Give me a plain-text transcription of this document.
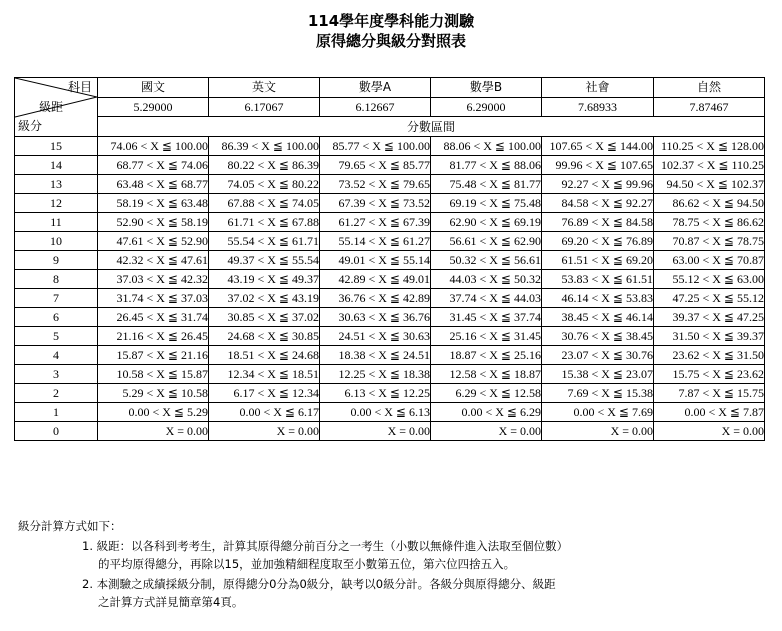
114學年度學科能力測驗
原得總分與級分對照表
科目
級距
級分	國文	英文	數學A	數學B	社會	自然
	5.29000	6.17067	6.12667	6.29000	7.68933	7.87467
	分數區間					
15	74.06 < X ≦ 100.00	86.39 < X ≦ 100.00	85.77 < X ≦ 100.00	88.06 < X ≦ 100.00	107.65 < X ≦ 144.00	110.25 < X ≦ 128.00
14	68.77 < X ≦ 74.06	80.22 < X ≦ 86.39	79.65 < X ≦ 85.77	81.77 < X ≦ 88.06	99.96 < X ≦ 107.65	102.37 < X ≦ 110.25
13	63.48 < X ≦ 68.77	74.05 < X ≦ 80.22	73.52 < X ≦ 79.65	75.48 < X ≦ 81.77	92.27 < X ≦ 99.96	94.50 < X ≦ 102.37
12	58.19 < X ≦ 63.48	67.88 < X ≦ 74.05	67.39 < X ≦ 73.52	69.19 < X ≦ 75.48	84.58 < X ≦ 92.27	86.62 < X ≦ 94.50
11	52.90 < X ≦ 58.19	61.71 < X ≦ 67.88	61.27 < X ≦ 67.39	62.90 < X ≦ 69.19	76.89 < X ≦ 84.58	78.75 < X ≦ 86.62
10	47.61 < X ≦ 52.90	55.54 < X ≦ 61.71	55.14 < X ≦ 61.27	56.61 < X ≦ 62.90	69.20 < X ≦ 76.89	70.87 < X ≦ 78.75
9	42.32 < X ≦ 47.61	49.37 < X ≦ 55.54	49.01 < X ≦ 55.14	50.32 < X ≦ 56.61	61.51 < X ≦ 69.20	63.00 < X ≦ 70.87
8	37.03 < X ≦ 42.32	43.19 < X ≦ 49.37	42.89 < X ≦ 49.01	44.03 < X ≦ 50.32	53.83 < X ≦ 61.51	55.12 < X ≦ 63.00
7	31.74 < X ≦ 37.03	37.02 < X ≦ 43.19	36.76 < X ≦ 42.89	37.74 < X ≦ 44.03	46.14 < X ≦ 53.83	47.25 < X ≦ 55.12
6	26.45 < X ≦ 31.74	30.85 < X ≦ 37.02	30.63 < X ≦ 36.76	31.45 < X ≦ 37.74	38.45 < X ≦ 46.14	39.37 < X ≦ 47.25
5	21.16 < X ≦ 26.45	24.68 < X ≦ 30.85	24.51 < X ≦ 30.63	25.16 < X ≦ 31.45	30.76 < X ≦ 38.45	31.50 < X ≦ 39.37
4	15.87 < X ≦ 21.16	18.51 < X ≦ 24.68	18.38 < X ≦ 24.51	18.87 < X ≦ 25.16	23.07 < X ≦ 30.76	23.62 < X ≦ 31.50
3	10.58 < X ≦ 15.87	12.34 < X ≦ 18.51	12.25 < X ≦ 18.38	12.58 < X ≦ 18.87	15.38 < X ≦ 23.07	15.75 < X ≦ 23.62
2	5.29 < X ≦ 10.58	6.17 < X ≦ 12.34	6.13 < X ≦ 12.25	6.29 < X ≦ 12.58	7.69 < X ≦ 15.38	7.87 < X ≦ 15.75
1	0.00 < X ≦ 5.29	0.00 < X ≦ 6.17	0.00 < X ≦ 6.13	0.00 < X ≦ 6.29	0.00 < X ≦ 7.69	0.00 < X ≦ 7.87
0	X = 0.00	X = 0.00	X = 0.00	X = 0.00	X = 0.00	X = 0.00
級分計算方式如下：
1. 級距：以各科到考考生，計算其原得總分前百分之一考生（小數以無條件進入法取至個位數）
的平均原得總分，再除以15，並加強精細程度取至小數第五位，第六位四捨五入。
2. 本測驗之成績採級分制，原得總分0分為0級分，缺考以0級分計。各級分與原得總分、級距
之計算方式詳見簡章第4頁。
